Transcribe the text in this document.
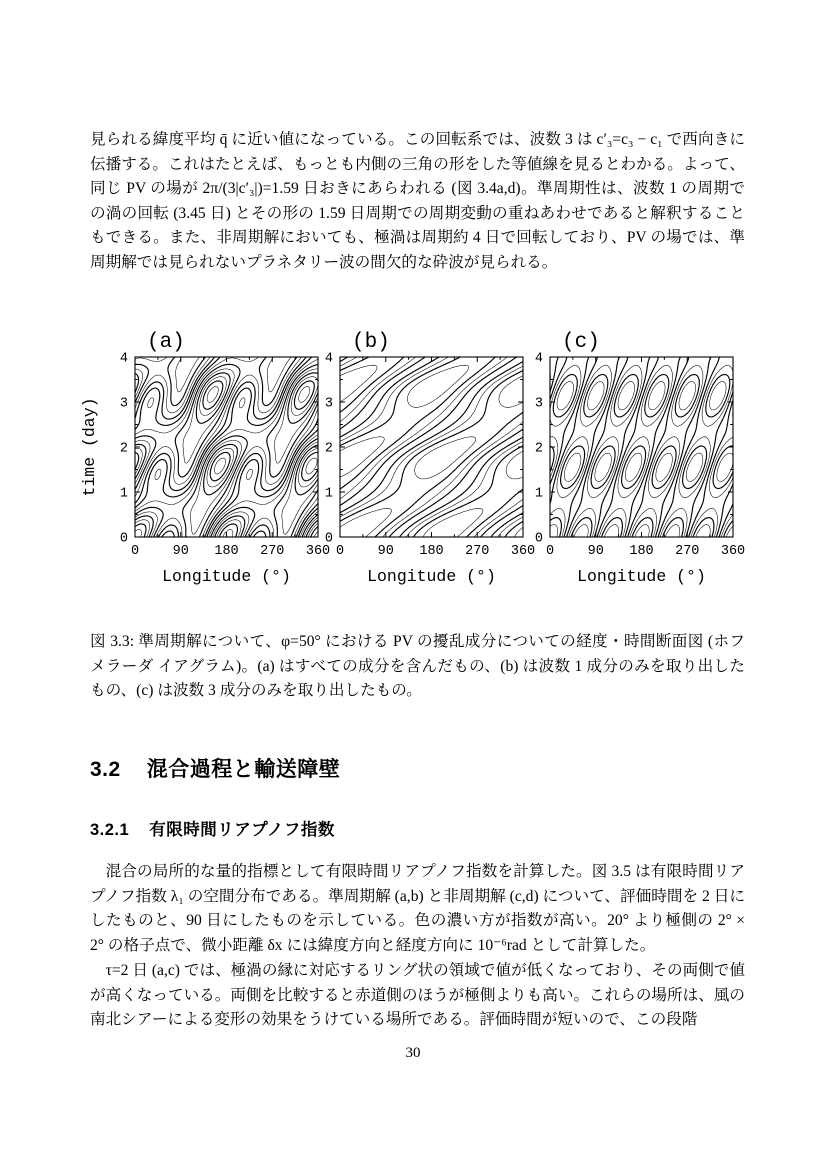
見られる緯度平均 q̄ に近い値になっている。この回転系では、波数 3 は c′₃=c₃ − c₁ で西向きに伝播する。これはたとえば、もっとも内側の三角の形をした等値線を見るとわかる。よって、同じ PV の場が 2π/(3|c′₃|)=1.59 日おきにあらわれる (図 3.4a,d)。準周期性は、波数 1 の周期での渦の回転 (3.45 日) とその形の 1.59 日周期での周期変動の重ねあわせであると解釈することもできる。また、非周期解においても、極渦は周期約 4 日で回転しており、PV の場では、準周期解では見られないプラネタリー波の間欠的な砕波が見られる。

0 90 180 270 360
0
1
2
3
4
Longitude (°)
time (day)
(a)
0 90 180 270 360
0
1
2
3
4
Longitude (°)
(b)
0 90 180 270 360
0
1
2
3
4
Longitude (°)
(c)

図 3.3: 準周期解について、φ=50° における PV の擾乱成分についての経度・時間断面図 (ホフメラーダ イアグラム)。(a) はすべての成分を含んだもの、(b) は波数 1 成分のみを取り出したもの、(c) は波数 3 成分のみを取り出したもの。

3.2 混合過程と輸送障壁
3.2.1 有限時間リアプノフ指数

混合の局所的な量的指標として有限時間リアプノフ指数を計算した。図 3.5 は有限時間リアプノフ指数 λ₁ の空間分布である。準周期解 (a,b) と非周期解 (c,d) について、評価時間を 2 日にしたものと、90 日にしたものを示している。色の濃い方が指数が高い。20° より極側の 2° × 2° の格子点で、微小距離 δx には緯度方向と経度方向に 10⁻⁶rad として計算した。

τ=2 日 (a,c) では、極渦の縁に対応するリング状の領域で値が低くなっており、その両側で値が高くなっている。両側を比較すると赤道側のほうが極側よりも高い。これらの場所は、風の南北シアーによる変形の効果をうけている場所である。評価時間が短いので、この段階

30
